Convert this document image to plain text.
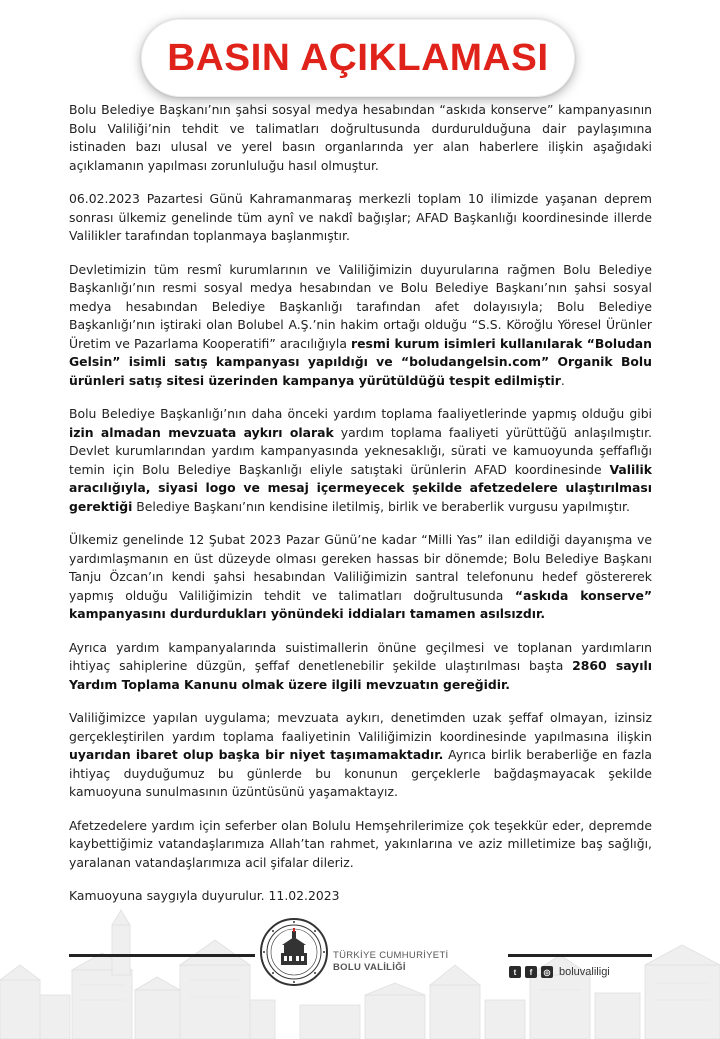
BASIN AÇIKLAMASI

Bolu Belediye Başkanı’nın şahsi sosyal medya hesabından “askıda konserve” kampanyasının Bolu Valiliği’nin tehdit ve talimatları doğrultusunda durdurulduğuna dair paylaşımına istinaden bazı ulusal ve yerel basın organlarında yer alan haberlere ilişkin aşağıdaki açıklamanın yapılması zorunluluğu hasıl olmuştur.

06.02.2023 Pazartesi Günü Kahramanmaraş merkezli toplam 10 ilimizde yaşanan deprem sonrası ülkemiz genelinde tüm aynî ve nakdî bağışlar; AFAD Başkanlığı koordinesinde illerde Valilikler tarafından toplanmaya başlanmıştır.

Devletimizin tüm resmî kurumlarının ve Valiliğimizin duyurularına rağmen Bolu Belediye Başkanlığı’nın resmi sosyal medya hesabından ve Bolu Belediye Başkanı’nın şahsi sosyal medya hesabından Belediye Başkanlığı tarafından afet dolayısıyla; Bolu Belediye Başkanlığı’nın iştiraki olan Bolubel A.Ş.’nin hakim ortağı olduğu “S.S. Köroğlu Yöresel Ürünler Üretim ve Pazarlama Kooperatifi” aracılığıyla resmi kurum isimleri kullanılarak “Boludan Gelsin” isimli satış kampanyası yapıldığı ve “boludangelsin.com” Organik Bolu ürünleri satış sitesi üzerinden kampanya yürütüldüğü tespit edilmiştir.

Bolu Belediye Başkanlığı’nın daha önceki yardım toplama faaliyetlerinde yapmış olduğu gibi izin almadan mevzuata aykırı olarak yardım toplama faaliyeti yürüttüğü anlaşılmıştır. Devlet kurumlarından yardım kampanyasında yeknesaklığı, sürati ve kamuoyunda şeffaflığı temin için Bolu Belediye Başkanlığı eliyle satıştaki ürünlerin AFAD koordinesinde Valilik aracılığıyla, siyasi logo ve mesaj içermeyecek şekilde afetzedelere ulaştırılması gerektiği Belediye Başkanı’nın kendisine iletilmiş, birlik ve beraberlik vurgusu yapılmıştır.

Ülkemiz genelinde 12 Şubat 2023 Pazar Günü’ne kadar “Milli Yas” ilan edildiği dayanışma ve yardımlaşmanın en üst düzeyde olması gereken hassas bir dönemde; Bolu Belediye Başkanı Tanju Özcan’ın kendi şahsi hesabından Valiliğimizin santral telefonunu hedef göstererek yapmış olduğu Valiliğimizin tehdit ve talimatları doğrultusunda “askıda konserve” kampanyasını durdurdukları yönündeki iddiaları tamamen asılsızdır.

Ayrıca yardım kampanyalarında suistimallerin önüne geçilmesi ve toplanan yardımların ihtiyaç sahiplerine düzgün, şeffaf denetlenebilir şekilde ulaştırılması başta 2860 sayılı Yardım Toplama Kanunu olmak üzere ilgili mevzuatın gereğidir.

Valiliğimizce yapılan uygulama; mevzuata aykırı, denetimden uzak şeffaf olmayan, izinsiz gerçekleştirilen yardım toplama faaliyetinin Valiliğimizin koordinesinde yapılmasına ilişkin uyarıdan ibaret olup başka bir niyet taşımamaktadır. Ayrıca birlik beraberliğe en fazla ihtiyaç duyduğumuz bu günlerde bu konunun gerçeklerle bağdaşmayacak şekilde kamuoyuna sunulmasının üzüntüsünü yaşamaktayız.

Afetzedelere yardım için seferber olan Bolulu Hemşehrilerimize çok teşekkür eder, depremde kaybettiğimiz vatandaşlarımıza Allah’tan rahmet, yakınlarına ve aziz milletimize baş sağlığı, yaralanan vatandaşlarımıza acil şifalar dileriz.

Kamuoyuna saygıyla duyurulur. 11.02.2023

TÜRKİYE CUMHURİYETİ
BOLU VALİLİĞİ	t	f	◎ boluvaliligi
